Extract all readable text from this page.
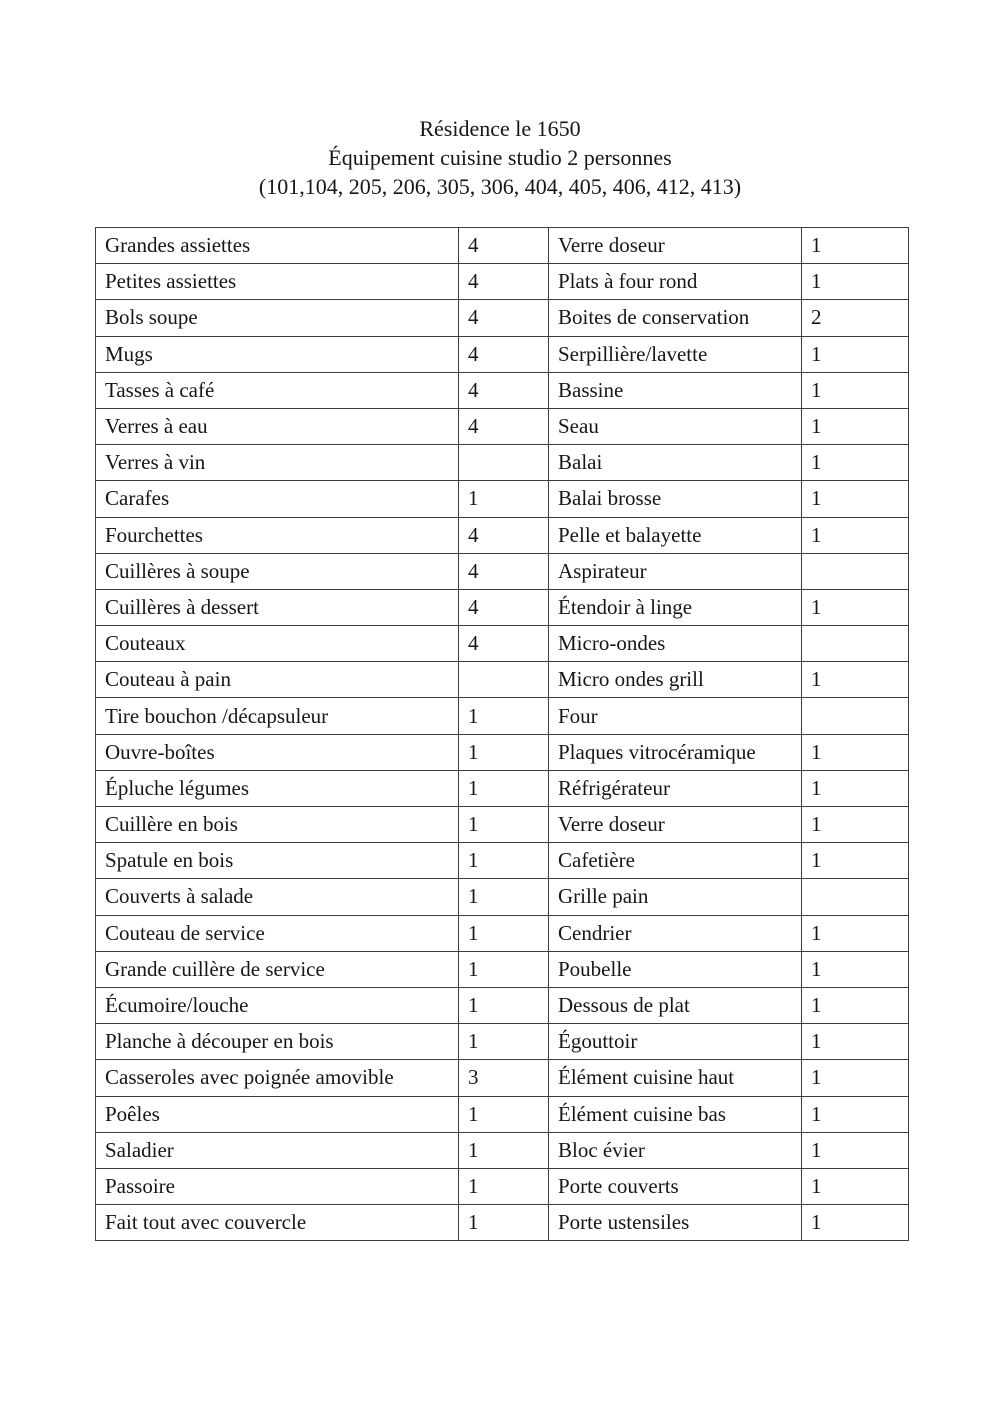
Résidence le 1650
Équipement cuisine studio 2 personnes
(101,104, 205, 206, 305, 306, 404, 405, 406, 412, 413)
Grandes assiettes	4	Verre doseur	1
Petites assiettes	4	Plats à four rond	1
Bols soupe	4	Boites de conservation	2
Mugs	4	Serpillière/lavette	1
Tasses à café	4	Bassine	1
Verres à eau	4	Seau	1
Verres à vin		Balai	1
Carafes	1	Balai brosse	1
Fourchettes	4	Pelle et balayette	1
Cuillères à soupe	4	Aspirateur	
Cuillères à dessert	4	Étendoir à linge	1
Couteaux	4	Micro-ondes	
Couteau à pain		Micro ondes grill	1
Tire bouchon /décapsuleur	1	Four	
Ouvre-boîtes	1	Plaques vitrocéramique	1
Épluche légumes	1	Réfrigérateur	1
Cuillère en bois	1	Verre doseur	1
Spatule en bois	1	Cafetière	1
Couverts à salade	1	Grille pain	
Couteau de service	1	Cendrier	1
Grande cuillère de service	1	Poubelle	1
Écumoire/louche	1	Dessous de plat	1
Planche à découper en bois	1	Égouttoir	1
Casseroles avec poignée amovible	3	Élément cuisine haut	1
Poêles	1	Élément cuisine bas	1
Saladier	1	Bloc évier	1
Passoire	1	Porte couverts	1
Fait tout avec couvercle	1	Porte ustensiles	1
